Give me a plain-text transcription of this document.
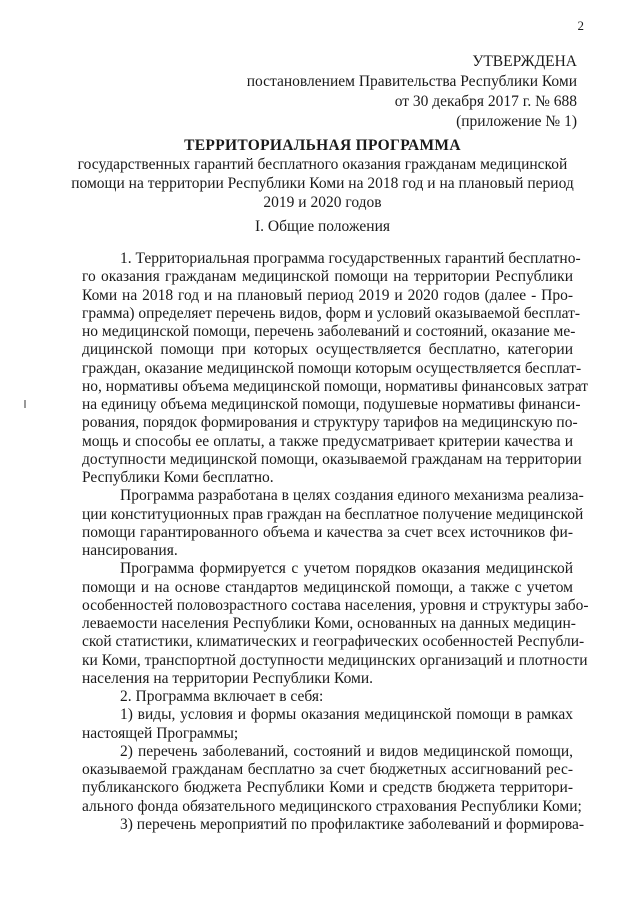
2
УТВЕРЖДЕНА
постановлением Правительства Республики Коми
от 30 декабря 2017 г. № 688
(приложение № 1)
ТЕРРИТОРИАЛЬНАЯ ПРОГРАММА
государственных гарантий бесплатного оказания гражданам медицинской
помощи на территории Республики Коми на 2018 год и на плановый период
2019 и 2020 годов
I. Общие положения
1. Территориальная программа государственных гарантий бесплатно-
го оказания гражданам медицинской помощи на территории Республики
Коми на 2018 год и на плановый период 2019 и 2020 годов (далее - Про-
грамма) определяет перечень видов, форм и условий оказываемой бесплат-
но медицинской помощи, перечень заболеваний и состояний, оказание ме-
дицинской помощи при которых осуществляется бесплатно, категории
граждан, оказание медицинской помощи которым осуществляется бесплат-
но, нормативы объема медицинской помощи, нормативы финансовых затрат
на единицу объема медицинской помощи, подушевые нормативы финанси-
рования, порядок формирования и структуру тарифов на медицинскую по-
мощь и способы ее оплаты, а также предусматривает критерии качества и
доступности медицинской помощи, оказываемой гражданам на территории
Республики Коми бесплатно.
Программа разработана в целях создания единого механизма реализа-
ции конституционных прав граждан на бесплатное получение медицинской
помощи гарантированного объема и качества за счет всех источников фи-
нансирования.
Программа формируется с учетом порядков оказания медицинской
помощи и на основе стандартов медицинской помощи, а также с учетом
особенностей половозрастного состава населения, уровня и структуры забо-
леваемости населения Республики Коми, основанных на данных медицин-
ской статистики, климатических и географических особенностей Республи-
ки Коми, транспортной доступности медицинских организаций и плотности
населения на территории Республики Коми.
2. Программа включает в себя:
1) виды, условия и формы оказания медицинской помощи в рамках
настоящей Программы;
2) перечень заболеваний, состояний и видов медицинской помощи,
оказываемой гражданам бесплатно за счет бюджетных ассигнований рес-
публиканского бюджета Республики Коми и средств бюджета территори-
ального фонда обязательного медицинского страхования Республики Коми;
3) перечень мероприятий по профилактике заболеваний и формирова-
